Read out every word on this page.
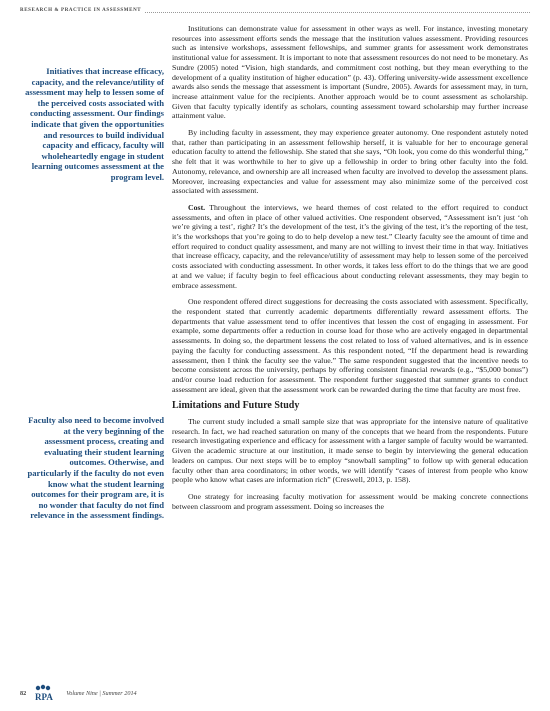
RESEARCH & PRACTICE IN ASSESSMENT
Initiatives that increase efficacy, capacity, and the relevance/utility of assessment may help to lessen some of the perceived costs associated with conducting assessment. Our findings indicate that given the opportunities and resources to build individual capacity and efficacy, faculty will wholeheartedly engage in student learning outcomes assessment at the program level.
Faculty also need to become involved at the very beginning of the assessment process, creating and evaluating their student learning outcomes. Otherwise, and particularly if the faculty do not even know what the student learning outcomes for their program are, it is no wonder that faculty do not find relevance in the assessment findings.

Institutions can demonstrate value for assessment in other ways as well. For instance, investing monetary resources into assessment efforts sends the message that the institution values assessment. Providing resources such as intensive workshops, assessment fellowships, and summer grants for assessment work demonstrates institutional value for assessment. It is important to note that assessment resources do not need to be monetary. As Sundre (2005) noted “Vision, high standards, and commitment cost nothing, but they mean everything to the development of a quality institution of higher education” (p. 43). Offering university-wide assessment excellence awards also sends the message that assessment is important (Sundre, 2005). Awards for assessment may, in turn, increase attainment value for the recipients. Another approach would be to count assessment as scholarship. Given that faculty typically identify as scholars, counting assessment toward scholarship may further increase attainment value.

By including faculty in assessment, they may experience greater autonomy. One respondent astutely noted that, rather than participating in an assessment fellowship herself, it is valuable for her to encourage general education faculty to attend the fellowship. She stated that she says, “Oh look, you come do this wonderful thing,” she felt that it was worthwhile to her to give up a fellowship in order to bring other faculty into the fold. Autonomy, relevance, and ownership are all increased when faculty are involved to develop the assessment plans. Moreover, increasing expectancies and value for assessment may also minimize some of the perceived cost associated with assessment.

Cost. Throughout the interviews, we heard themes of cost related to the effort required to conduct assessments, and often in place of other valued activities. One respondent observed, “Assessment isn’t just ‘oh we’re giving a test’, right? It’s the development of the test, it’s the giving of the test, it’s the reporting of the test, it’s the workshops that you’re going to do to help develop a new test.” Clearly faculty see the amount of time and effort required to conduct quality assessment, and many are not willing to invest their time in that way. Initiatives that increase efficacy, capacity, and the relevance/utility of assessment may help to lessen some of the perceived costs associated with conducting assessment. In other words, it takes less effort to do the things that we are good at and we value; if faculty begin to feel efficacious about conducting relevant assessments, they may begin to embrace assessment.

One respondent offered direct suggestions for decreasing the costs associated with assessment. Specifically, the respondent stated that currently academic departments differentially reward assessment efforts. The departments that value assessment tend to offer incentives that lessen the cost of engaging in assessment. For example, some departments offer a reduction in course load for those who are actively engaged in departmental assessments. In doing so, the department lessens the cost related to loss of valued alternatives, and is in essence paying the faculty for conducting assessment. As this respondent noted, “If the department head is rewarding assessment, then I think the faculty see the value.” The same respondent suggested that the incentive needs to become consistent across the university, perhaps by offering consistent financial rewards (e.g., “$5,000 bonus”) and/or course load reduction for assessment. The respondent further suggested that summer grants to conduct assessment are ideal, given that the assessment work can be rewarded during the time that faculty are most free.

Limitations and Future Study

The current study included a small sample size that was appropriate for the intensive nature of qualitative research. In fact, we had reached saturation on many of the concepts that we heard from the respondents. Future research investigating experience and efficacy for assessment with a larger sample of faculty would be warranted. Given the academic structure at our institution, it made sense to begin by interviewing the general education leaders on campus. Our next steps will be to employ “snowball sampling” to follow up with general education faculty other than area coordinators; in other words, we will identify “cases of interest from people who know people who know what cases are information rich” (Creswell, 2013, p. 158).

One strategy for increasing faculty motivation for assessment would be making concrete connections between classroom and program assessment. Doing so increases the

82 RPA Volume Nine | Summer 2014
